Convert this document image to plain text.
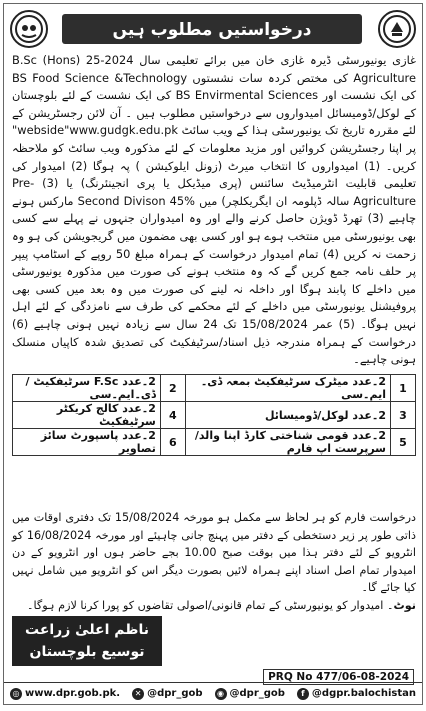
درخواستیں مطلوب ہیں
غازی یونیورسٹی ڈیرہ غازی خان میں برائے تعلیمی سال 2024-25 B.Sc (Hons) Agriculture کی مختص کردہ سات نشستوں BS Food Science &Technology کی ایک نشست اور BS Envirmental Sciences کی ایک نشست کے لئے بلوچستان کے لوکل/ڈومیسائل امیدواروں سے درخواستیں مطلوب ہیں ۔ آن لائن رجسٹریشن کے لئے مقررہ تاریخ تک یونیورسٹی ہذا کے ویب سائٹ webside"www.gudgk.edu.pk" پر اپنا رجسٹریشن کروائیں اور مزید معلومات کے لئے مذکورہ ویب سائٹ کو ملاحظہ کریں۔ (1) امیدواروں کا انتخاب میرٹ (زونل ایلوکیشن ) پہ ہوگا (2) امیدوار کی تعلیمی قابلیت انٹرمیڈیٹ سائنس (پری میڈیکل یا پری انجینئرنگ) یا (3) Pre-Agriculture سالہ ڈپلومہ ان ایگریکلچر) میں Second Divison 45% مارکس ہونے چاہیے (3) تھرڈ ڈویژن حاصل کرنے والے اور وہ امیدواران جنہوں نے پہلے سے کسی بھی یونیورسٹی میں منتخب ہوے ہو اور کسی بھی مضمون میں گریجویشن کی ہو وہ زحمت نہ کریں (4) تمام امیدوار درخواست کے ہمراہ مبلغ 50 روپے کے اسٹامپ پیپر پر حلف نامہ جمع کریں گے کہ وہ منتخب ہونے کی صورت میں مذکورہ یونیورسٹی میں داخلے کا پابند ہوگا اور داخلہ نہ لینے کی صورت میں وہ بعد میں کسی بھی پروفیشنل یونیورسٹی میں داخلے کے لئے محکمے کی طرف سے نامزدگی کے لئے اہل نہیں ہوگا۔ (5) عمر 15/08/2024 تک 24 سال سے زیادہ نہیں ہونی چاہیے (6) درخواست کے ہمراہ مندرجہ ذیل اسناد/سرٹیفکیٹ کی تصدیق شدہ کاپیاں منسلک ہونی چاہیے۔
1	2۔عدد میٹرک سرٹیفکیٹ بمعہ ڈی۔ایم۔سی	2	2۔عدد F.Sc سرٹیفکیٹ /ڈی۔ایم۔سی
3	2۔عدد لوکل/ڈومیسائل	4	2۔عدد کالج کریکٹر سرٹیفکیٹ
5	2۔عدد قومی شناختی کارڈ اپنا والد/ سرپرست اپ فارم	6	2۔عدد پاسپورٹ سائز تصاویر
درخواست فارم کو ہر لحاظ سے مکمل ہو مورخہ 15/08/2024 تک دفتری اوقات میں ذاتی طور پر زیر دستخطی کے دفتر میں پہنچ جانی چاہیئے اور مورخہ 16/08/2024 کو انٹرویو کے لئے دفتر ہذا میں بوقت صبح 10.00 بجے حاضر ہوں اور انٹرویو کے دن امیدوار تمام اصل اسناد اپنے ہمراہ لائیں بصورت دیگر اس کو انٹرویو میں شامل نہیں کیا جائے گا۔
نوٹ۔ امیدوار کو یونیورسٹی کے تمام قانونی/اصولی تقاضوں کو پورا کرنا لازم ہوگا۔
ناظم اعلیٰ زراعت
توسیع بلوچستان کوئٹہ	PRQ No 477/06-08-2024
◎ www.dpr.gob.pk.	✕ @dpr_gob	◉ @dpr_gob	f @dgpr.balochistan
